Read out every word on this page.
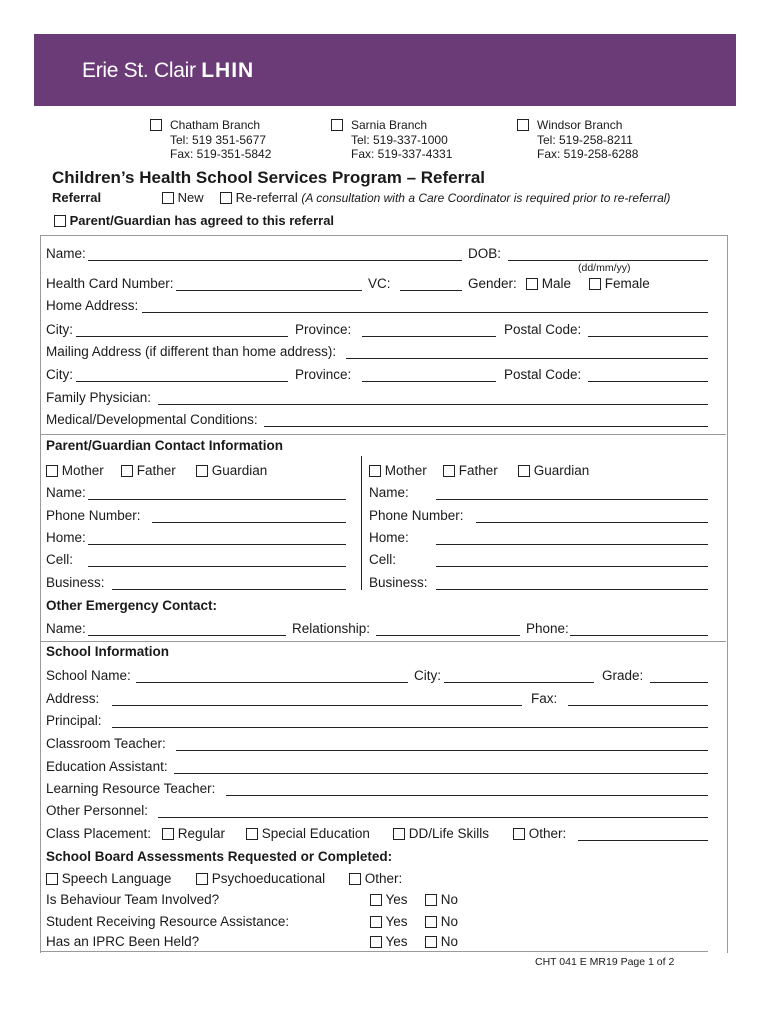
Erie St. Clair LHIN
Chatham Branch
Tel: 519 351-5677
Fax: 519-351-5842
Sarnia Branch
Tel: 519-337-1000
Fax: 519-337-4331
Windsor Branch
Tel: 519-258-8211
Fax: 519-258-6288
Children’s Health School Services Program – Referral
Referral	New	Re-referral (A consultation with a Care Coordinator is required prior to re-referral)
Parent/Guardian has agreed to this referral
Name:	DOB:
(dd/mm/yy)
Health Card Number:	VC:	Gender:	Male	Female
Home Address:
City:	Province:	Postal Code:
Mailing Address (if different than home address):
City:	Province:	Postal Code:
Family Physician:
Medical/Developmental Conditions:
Parent/Guardian Contact Information
Mother	Father	Guardian	Mother	Father	Guardian
Name:	Name:
Phone Number:	Phone Number:
Home:	Home:
Cell:	Cell:
Business:	Business:
Other Emergency Contact:
Name:	Relationship:	Phone:
School Information
School Name:	City:	Grade:
Address:	Fax:
Principal:
Classroom Teacher:
Education Assistant:
Learning Resource Teacher:
Other Personnel:
Class Placement:	Regular	Special Education	DD/Life Skills	Other:
School Board Assessments Requested or Completed:
Speech Language	Psychoeducational	Other:
Is Behaviour Team Involved?	Yes	No
Student Receiving Resource Assistance:	Yes	No
Has an IPRC Been Held?	Yes	No
CHT 041 E MR19 Page 1 of 2
